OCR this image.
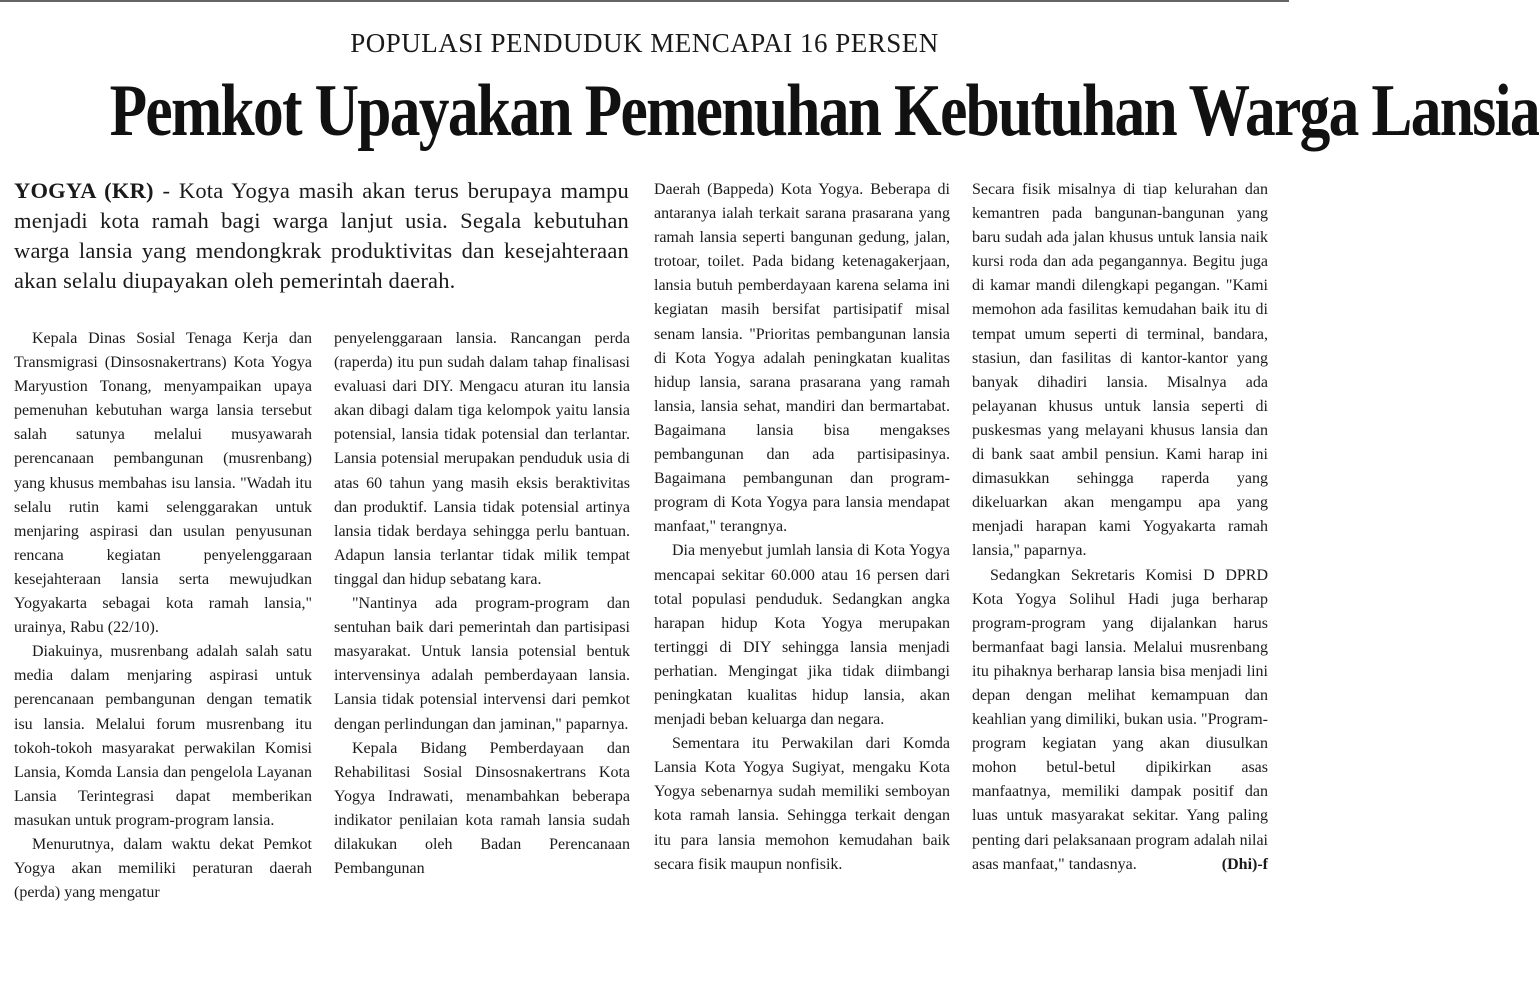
POPULASI PENDUDUK MENCAPAI 16 PERSEN
Pemkot Upayakan Pemenuhan Kebutuhan Warga Lansia

YOGYA (KR) - Kota Yogya masih akan terus berupaya mampu menjadi kota ramah bagi warga lanjut usia. Segala kebutuhan warga lansia yang mendongkrak produktivitas dan kesejahteraan akan selalu diupayakan oleh pemerintah daerah.

Kepala Dinas Sosial Tenaga Kerja dan Transmigrasi (Dinsosnakertrans) Kota Yogya Maryustion Tonang, menyampaikan upaya pemenuhan kebutuhan warga lansia tersebut salah satunya melalui musyawarah perencanaan pembangunan (musrenbang) yang khusus membahas isu lansia. "Wadah itu selalu rutin kami selenggarakan untuk menjaring aspirasi dan usulan penyusunan rencana kegiatan penyelenggaraan kesejahteraan lansia serta mewujudkan Yogyakarta sebagai kota ramah lansia," urainya, Rabu (22/10).

Diakuinya, musrenbang adalah salah satu media dalam menjaring aspirasi untuk perencanaan pembangunan dengan tematik isu lansia. Melalui forum musrenbang itu tokoh-tokoh masyarakat perwakilan Komisi Lansia, Komda Lansia dan pengelola Layanan Lansia Terintegrasi dapat memberikan masukan untuk program-program lansia.

Menurutnya, dalam waktu dekat Pemkot Yogya akan memiliki peraturan daerah (perda) yang mengatur

penyelenggaraan lansia. Rancangan perda (raperda) itu pun sudah dalam tahap finalisasi evaluasi dari DIY. Mengacu aturan itu lansia akan dibagi dalam tiga kelompok yaitu lansia potensial, lansia tidak potensial dan terlantar. Lansia potensial merupakan penduduk usia di atas 60 tahun yang masih eksis beraktivitas dan produktif. Lansia tidak potensial artinya lansia tidak berdaya sehingga perlu bantuan. Adapun lansia terlantar tidak milik tempat tinggal dan hidup sebatang kara.

"Nantinya ada program-program dan sentuhan baik dari pemerintah dan partisipasi masyarakat. Untuk lansia potensial bentuk intervensinya adalah pemberdayaan lansia. Lansia tidak potensial intervensi dari pemkot dengan perlindungan dan jaminan," paparnya.

Kepala Bidang Pemberdayaan dan Rehabilitasi Sosial Dinsosnakertrans Kota Yogya Indrawati, menambahkan beberapa indikator penilaian kota ramah lansia sudah dilakukan oleh Badan Perencanaan Pembangunan

Daerah (Bappeda) Kota Yogya. Beberapa di antaranya ialah terkait sarana prasarana yang ramah lansia seperti bangunan gedung, jalan, trotoar, toilet. Pada bidang ketenagakerjaan, lansia butuh pemberdayaan karena selama ini kegiatan masih bersifat partisipatif misal senam lansia. "Prioritas pembangunan lansia di Kota Yogya adalah peningkatan kualitas hidup lansia, sarana prasarana yang ramah lansia, lansia sehat, mandiri dan bermartabat. Bagaimana lansia bisa mengakses pembangunan dan ada partisipasinya. Bagaimana pembangunan dan program-program di Kota Yogya para lansia mendapat manfaat," terangnya.

Dia menyebut jumlah lansia di Kota Yogya mencapai sekitar 60.000 atau 16 persen dari total populasi penduduk. Sedangkan angka harapan hidup Kota Yogya merupakan tertinggi di DIY sehingga lansia menjadi perhatian. Mengingat jika tidak diimbangi peningkatan kualitas hidup lansia, akan menjadi beban keluarga dan negara.

Sementara itu Perwakilan dari Komda Lansia Kota Yogya Sugiyat, mengaku Kota Yogya sebenarnya sudah memiliki semboyan kota ramah lansia. Sehingga terkait dengan itu para lansia memohon kemudahan baik secara fisik maupun nonfisik.

Secara fisik misalnya di tiap kelurahan dan kemantren pada bangunan-bangunan yang baru sudah ada jalan khusus untuk lansia naik kursi roda dan ada pegangannya. Begitu juga di kamar mandi dilengkapi pegangan. "Kami memohon ada fasilitas kemudahan baik itu di tempat umum seperti di terminal, bandara, stasiun, dan fasilitas di kantor-kantor yang banyak dihadiri lansia. Misalnya ada pelayanan khusus untuk lansia seperti di puskesmas yang melayani khusus lansia dan di bank saat ambil pensiun. Kami harap ini dimasukkan sehingga raperda yang dikeluarkan akan mengampu apa yang menjadi harapan kami Yogyakarta ramah lansia," paparnya.

Sedangkan Sekretaris Komisi D DPRD Kota Yogya Solihul Hadi juga berharap program-program yang dijalankan harus bermanfaat bagi lansia. Melalui musrenbang itu pihaknya berharap lansia bisa menjadi lini depan dengan melihat kemampuan dan keahlian yang dimiliki, bukan usia. "Program-program kegiatan yang akan diusulkan mohon betul-betul dipikirkan asas manfaatnya, memiliki dampak positif dan luas untuk masyarakat sekitar. Yang paling penting dari pelaksanaan program adalah nilai asas manfaat," tandasnya.	(Dhi)-f
